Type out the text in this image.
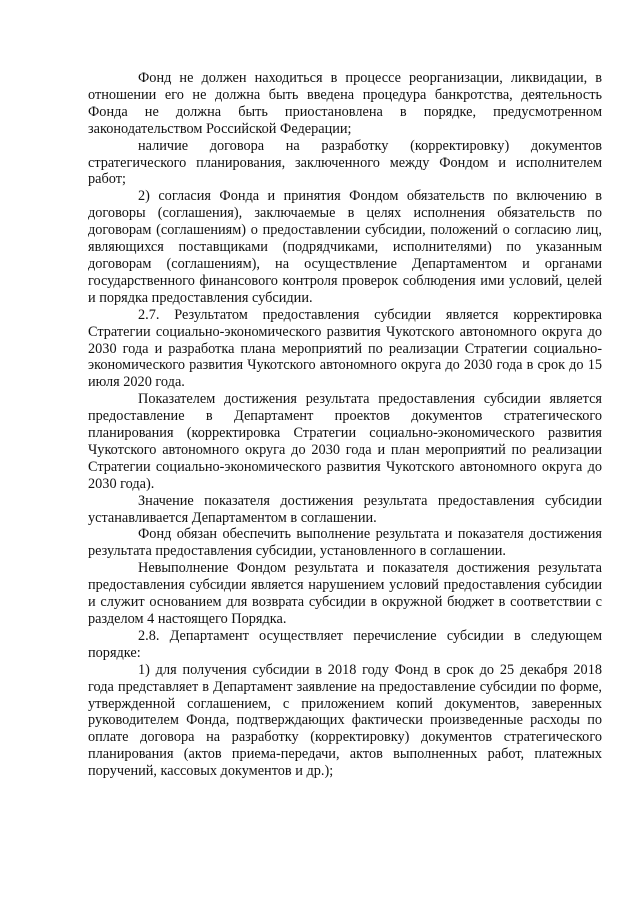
Фонд не должен находиться в процессе реорганизации, ликвидации, в отношении его не должна быть введена процедура банкротства, деятельность Фонда не должна быть приостановлена в порядке, предусмотренном законодательством Российской Федерации;

наличие договора на разработку (корректировку) документов стратегического планирования, заключенного между Фондом и исполнителем работ;

2) согласия Фонда и принятия Фондом обязательств по включению в договоры (соглашения), заключаемые в целях исполнения обязательств по договорам (соглашениям) о предоставлении субсидии, положений о согласию лиц, являющихся поставщиками (подрядчиками, исполнителями) по указанным договорам (соглашениям), на осуществление Департаментом и органами государственного финансового контроля проверок соблюдения ими условий, целей и порядка предоставления субсидии.

2.7. Результатом предоставления субсидии является корректировка Стратегии социально-экономического развития Чукотского автономного округа до 2030 года и разработка плана мероприятий по реализации Стратегии социально-экономического развития Чукотского автономного округа до 2030 года в срок до 15 июля 2020 года.

Показателем достижения результата предоставления субсидии является предоставление в Департамент проектов документов стратегического планирования (корректировка Стратегии социально-экономического развития Чукотского автономного округа до 2030 года и план мероприятий по реализации Стратегии социально-экономического развития Чукотского автономного округа до 2030 года).

Значение показателя достижения результата предоставления субсидии устанавливается Департаментом в соглашении.

Фонд обязан обеспечить выполнение результата и показателя достижения результата предоставления субсидии, установленного в соглашении.

Невыполнение Фондом результата и показателя достижения результата предоставления субсидии является нарушением условий предоставления субсидии и служит основанием для возврата субсидии в окружной бюджет в соответствии с разделом 4 настоящего Порядка.

2.8. Департамент осуществляет перечисление субсидии в следующем порядке:

1) для получения субсидии в 2018 году Фонд в срок до 25 декабря 2018 года представляет в Департамент заявление на предоставление субсидии по форме, утвержденной соглашением, с приложением копий документов, заверенных руководителем Фонда, подтверждающих фактически произведенные расходы по оплате договора на разработку (корректировку) документов стратегического планирования (актов приема-передачи, актов выполненных работ, платежных поручений, кассовых документов и др.);
